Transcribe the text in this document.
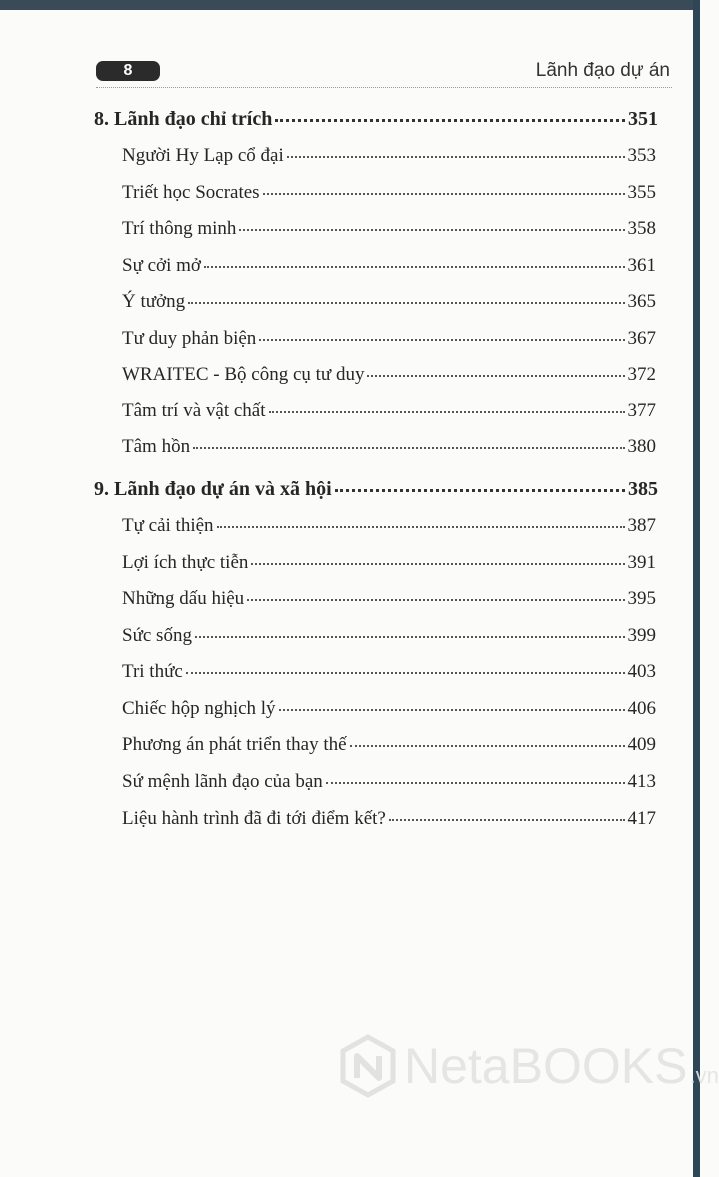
8	Lãnh đạo dự án
8. Lãnh đạo chỉ trích	351
Người Hy Lạp cổ đại	353
Triết học Socrates	355
Trí thông minh	358
Sự cởi mở	361
Ý tưởng	365
Tư duy phản biện	367
WRAITEC - Bộ công cụ tư duy	372
Tâm trí và vật chất	377
Tâm hồn	380
9. Lãnh đạo dự án và xã hội	385
Tự cải thiện	387
Lợi ích thực tiễn	391
Những dấu hiệu	395
Sức sống	399
Tri thức	403
Chiếc hộp nghịch lý	406
Phương án phát triển thay thế	409
Sứ mệnh lãnh đạo của bạn	413
Liệu hành trình đã đi tới điểm kết?	417
NetaBOOKS .vn
